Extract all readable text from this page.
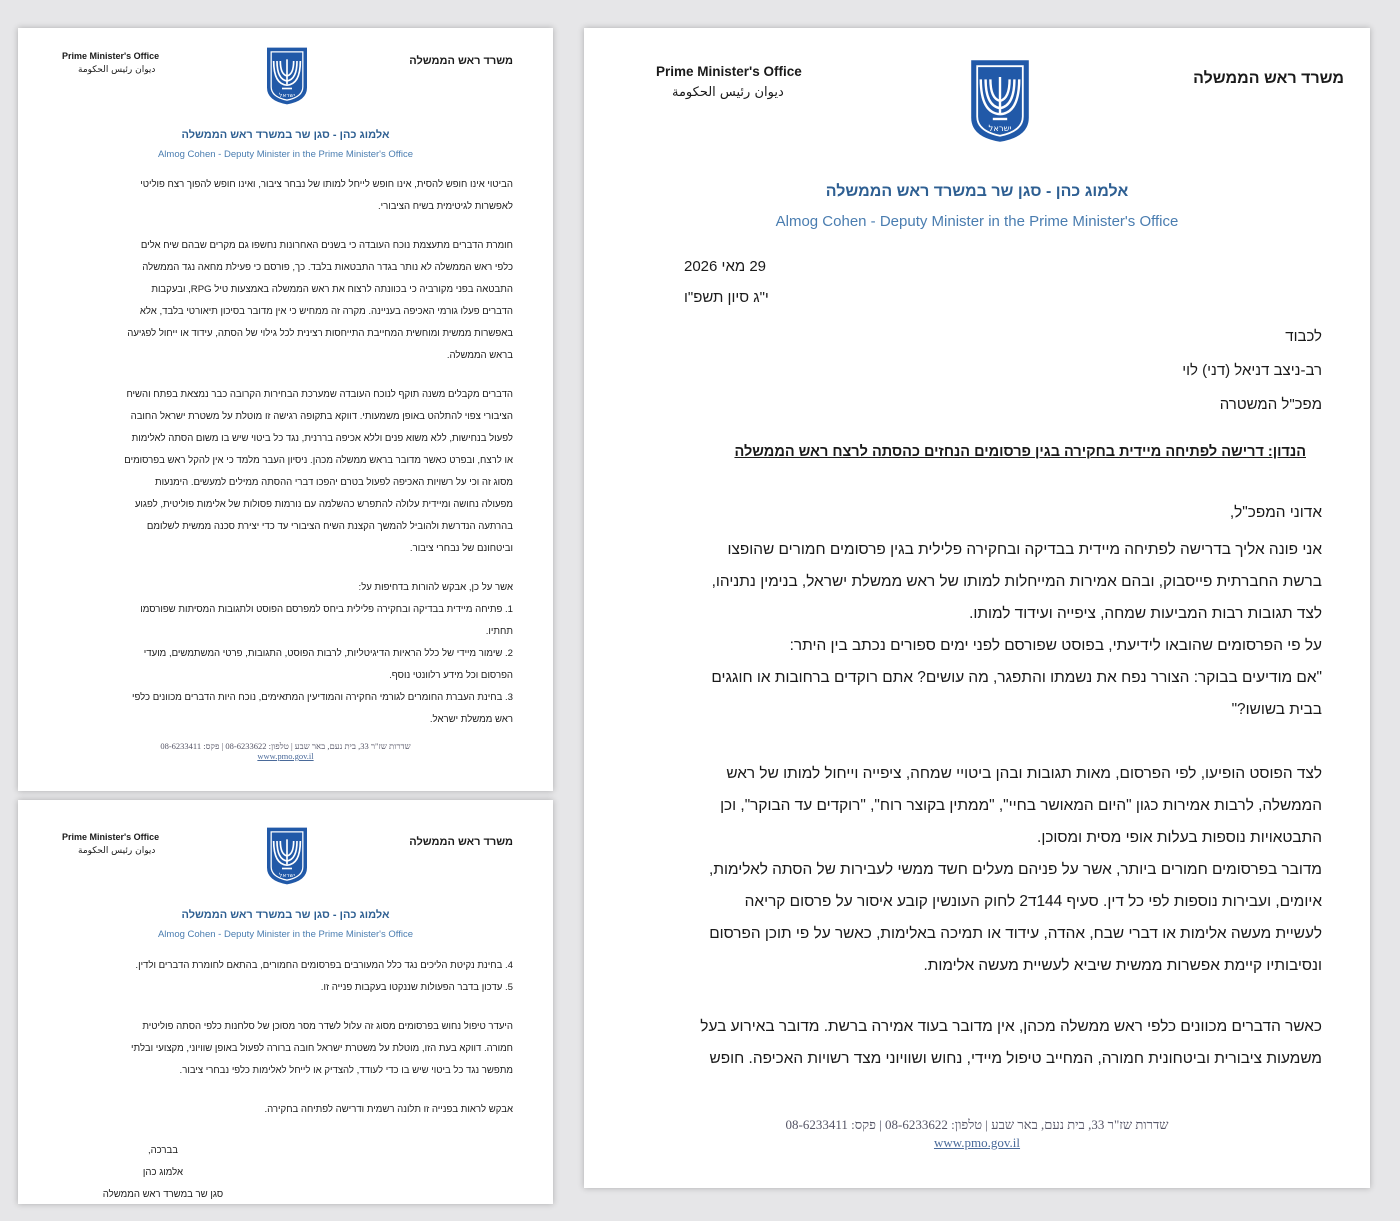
Prime Minister's Office
ديوان رئيس الحكومة
משרד ראש הממשלה
ישראל
אלמוג כהן - סגן שר במשרד ראש הממשלה
Almog Cohen - Deputy Minister in the Prime Minister's Office

הביטוי אינו חופש להסית, אינו חופש לייחל למותו של נבחר ציבור, ואינו חופש להפוך רצח פוליטי
לאפשרות לגיטימית בשיח הציבורי.

חומרת הדברים מתעצמת נוכח העובדה כי בשנים האחרונות נחשפו גם מקרים שבהם שיח אלים
כלפי ראש הממשלה לא נותר בגדר התבטאות בלבד. כך, פורסם כי פעילת מחאה נגד הממשלה
התבטאה בפני מקורביה כי בכוונתה לרצוח את ראש הממשלה באמצעות טיל RPG, ובעקבות
הדברים פעלו גורמי האכיפה בעניינה. מקרה זה ממחיש כי אין מדובר בסיכון תיאורטי בלבד, אלא
באפשרות ממשית ומוחשית המחייבת התייחסות רצינית לכל גילוי של הסתה, עידוד או ייחול לפגיעה
בראש הממשלה.

הדברים מקבלים משנה תוקף לנוכח העובדה שמערכת הבחירות הקרובה כבר נמצאת בפתח והשיח
הציבורי צפוי להתלהט באופן משמעותי. דווקא בתקופה רגישה זו מוטלת על משטרת ישראל החובה
לפעול בנחישות, ללא משוא פנים וללא אכיפה בררנית, נגד כל ביטוי שיש בו משום הסתה לאלימות
או לרצח, ובפרט כאשר מדובר בראש ממשלה מכהן. ניסיון העבר מלמד כי אין להקל ראש בפרסומים
מסוג זה וכי על רשויות האכיפה לפעול בטרם יהפכו דברי ההסתה ממילים למעשים. הימנעות
מפעולה נחושה ומיידית עלולה להתפרש כהשלמה עם נורמות פסולות של אלימות פוליטית, לפגוע
בהרתעה הנדרשת ולהוביל להמשך הקצנת השיח הציבורי עד כדי יצירת סכנה ממשית לשלומם
וביטחונם של נבחרי ציבור.

אשר על כן, אבקש להורות בדחיפות על:

1. פתיחה מיידית בבדיקה ובחקירה פלילית ביחס למפרסם הפוסט ולתגובות המסיתות שפורסמו
תחתיו.

2. שימור מיידי של כלל הראיות הדיגיטליות, לרבות הפוסט, התגובות, פרטי המשתמשים, מועדי
הפרסום וכל מידע רלוונטי נוסף.

3. בחינת העברת החומרים לגורמי החקירה והמודיעין המתאימים, נוכח היות הדברים מכוונים כלפי
ראש ממשלת ישראל.

שדרות שז"ר 33, בית נעם, באר שבע | טלפון: 08-6233622 | פקס: 08-6233411
www.pmo.gov.il
Prime Minister's Office
ديوان رئيس الحكومة
משרד ראש הממשלה
ישראל
אלמוג כהן - סגן שר במשרד ראש הממשלה
Almog Cohen - Deputy Minister in the Prime Minister's Office

4. בחינת נקיטת הליכים נגד כלל המעורבים בפרסומים החמורים, בהתאם לחומרת הדברים ולדין.

5. עדכון בדבר הפעולות שננקטו בעקבות פנייה זו.

היעדר טיפול נחוש בפרסומים מסוג זה עלול לשדר מסר מסוכן של סלחנות כלפי הסתה פוליטית
חמורה. דווקא בעת הזו, מוטלת על משטרת ישראל חובה ברורה לפעול באופן שוויוני, מקצועי ובלתי
מתפשר נגד כל ביטוי שיש בו כדי לעודד, להצדיק או לייחל לאלימות כלפי נבחרי ציבור.

אבקש לראות בפנייה זו תלונה רשמית ודרישה לפתיחה בחקירה.

בברכה,
אלמוג כהן
סגן שר במשרד ראש הממשלה
Prime Minister's Office
ديوان رئيس الحكومة
משרד ראש הממשלה
ישראל
אלמוג כהן - סגן שר במשרד ראש הממשלה
Almog Cohen - Deputy Minister in the Prime Minister's Office
29 מאי 2026
י"ג סיון תשפ"ו
לכבוד
רב-ניצב דניאל (דני) לוי
מפכ"ל המשטרה
הנדון: דרישה לפתיחה מיידית בחקירה בגין פרסומים הנחזים כהסתה לרצח ראש הממשלה
אדוני המפכ"ל,

אני פונה אליך בדרישה לפתיחה מיידית בבדיקה ובחקירה פלילית בגין פרסומים חמורים שהופצו

ברשת החברתית פייסבוק, ובהם אמירות המייחלות למותו של ראש ממשלת ישראל, בנימין נתניהו,

לצד תגובות רבות המביעות שמחה, ציפייה ועידוד למותו.

על פי הפרסומים שהובאו לידיעתי, בפוסט שפורסם לפני ימים ספורים נכתב בין היתר:

"אם מודיעים בבוקר: הצורר נפח את נשמתו והתפגר, מה עושים? אתם רוקדים ברחובות או חוגגים

בבית בשושו?"

לצד הפוסט הופיעו, לפי הפרסום, מאות תגובות ובהן ביטויי שמחה, ציפייה וייחול למותו של ראש

הממשלה, לרבות אמירות כגון "היום המאושר בחיי", "ממתין בקוצר רוח", "רוקדים עד הבוקר", וכן

התבטאויות נוספות בעלות אופי מסית ומסוכן.

מדובר בפרסומים חמורים ביותר, אשר על פניהם מעלים חשד ממשי לעבירות של הסתה לאלימות,

איומים, ועבירות נוספות לפי כל דין. סעיף 144ד2 לחוק העונשין קובע איסור על פרסום קריאה

לעשיית מעשה אלימות או דברי שבח, אהדה, עידוד או תמיכה באלימות, כאשר על פי תוכן הפרסום

ונסיבותיו קיימת אפשרות ממשית שיביא לעשיית מעשה אלימות.

כאשר הדברים מכוונים כלפי ראש ממשלה מכהן, אין מדובר בעוד אמירה ברשת. מדובר באירוע בעל

משמעות ציבורית וביטחונית חמורה, המחייב טיפול מיידי, נחוש ושוויוני מצד רשויות האכיפה. חופש

שדרות שז"ר 33, בית נעם, באר שבע | טלפון: 08-6233622 | פקס: 08-6233411
www.pmo.gov.il
